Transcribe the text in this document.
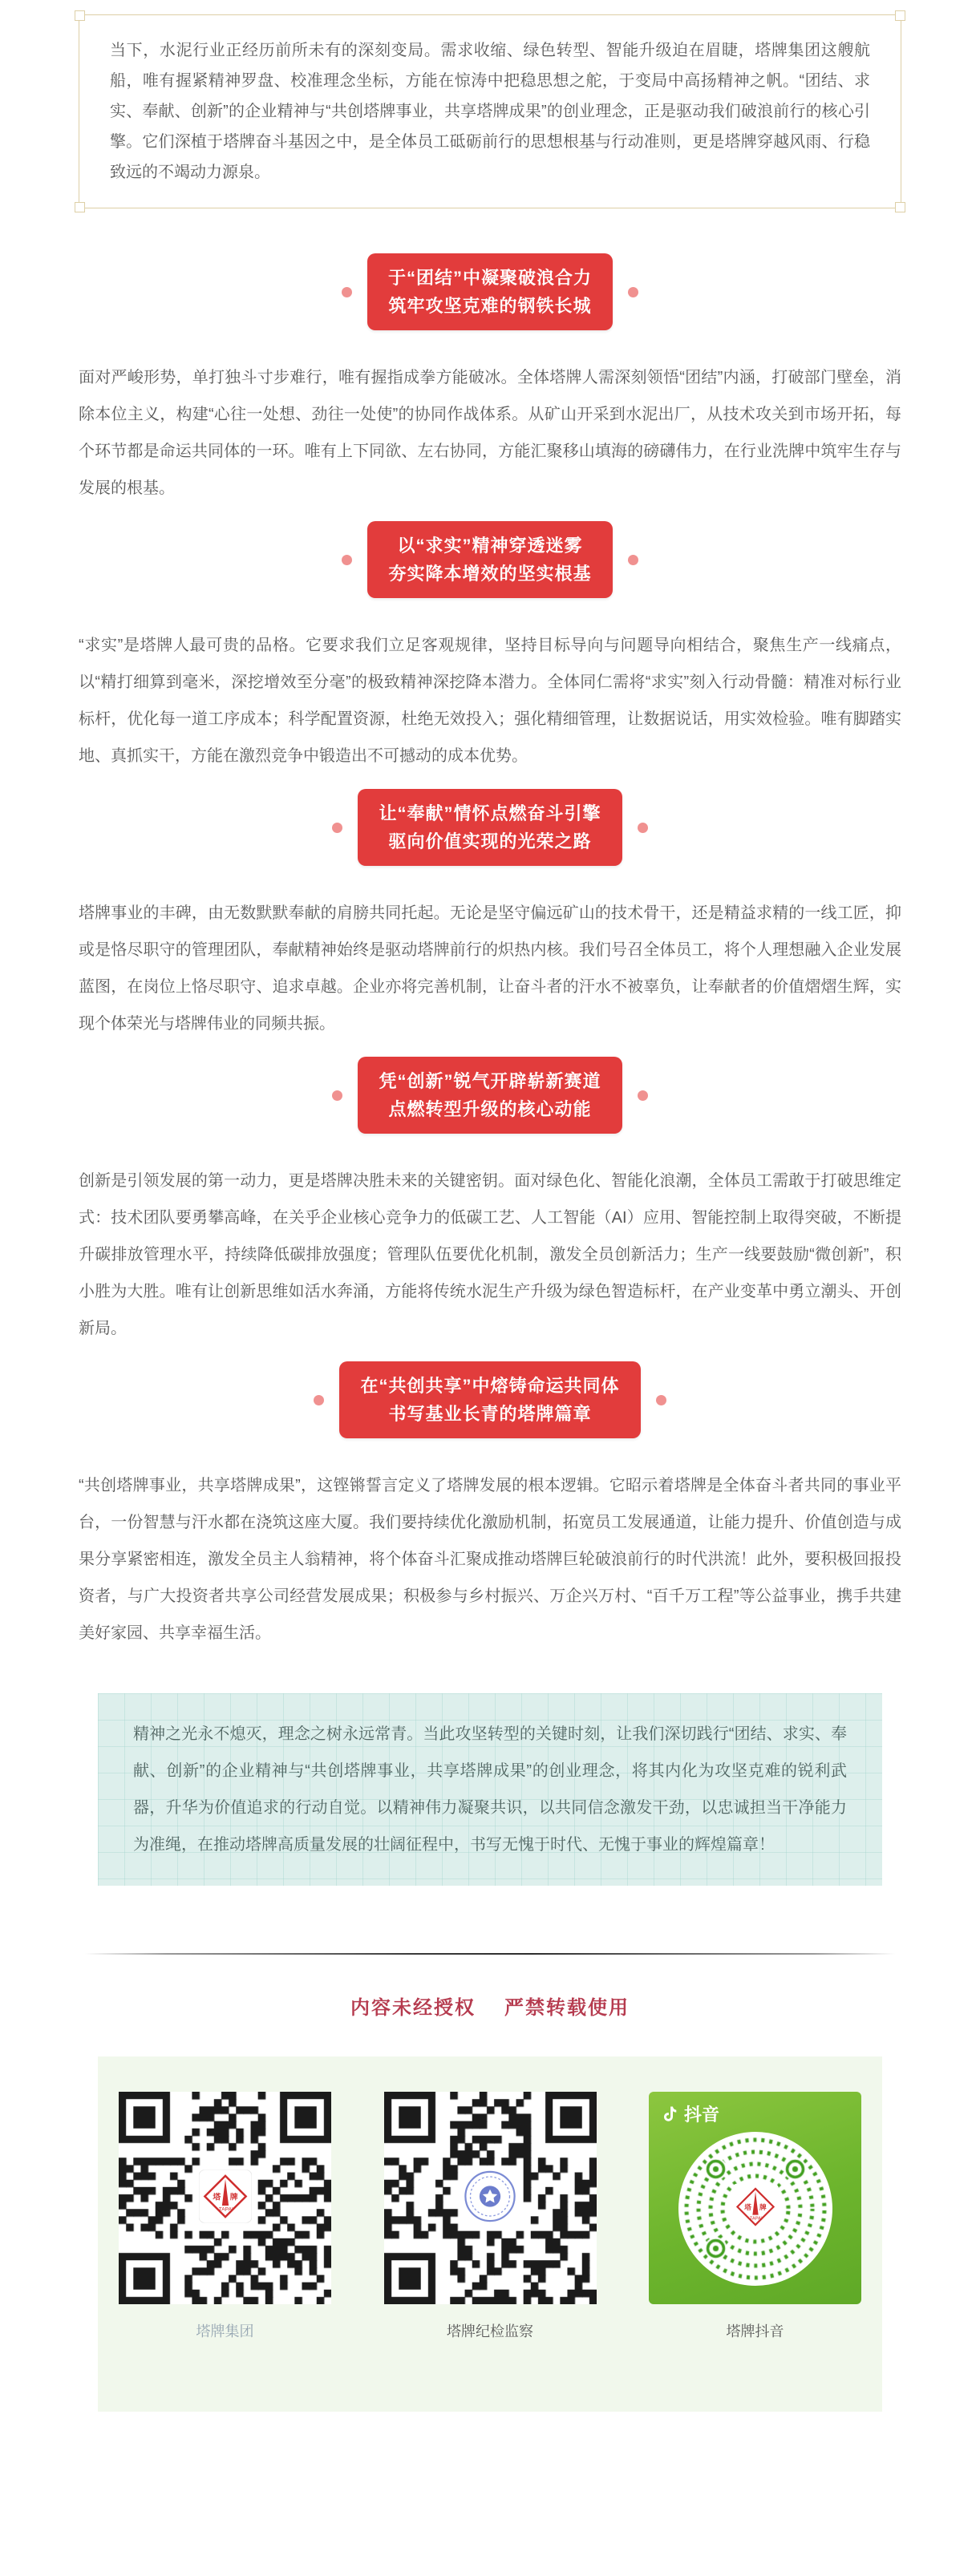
当下，水泥行业正经历前所未有的深刻变局。需求收缩、绿色转型、智能升级迫在眉睫，塔牌集团这艘航船，唯有握紧精神罗盘、校准理念坐标，方能在惊涛中把稳思想之舵，于变局中高扬精神之帆。“团结、求实、奉献、创新”的企业精神与“共创塔牌事业，共享塔牌成果”的创业理念，正是驱动我们破浪前行的核心引擎。它们深植于塔牌奋斗基因之中，是全体员工砥砺前行的思想根基与行动准则，更是塔牌穿越风雨、行稳致远的不竭动力源泉。

于“团结”中凝聚破浪合力
筑牢攻坚克难的钢铁长城

面对严峻形势，单打独斗寸步难行，唯有握指成拳方能破冰。全体塔牌人需深刻领悟“团结”内涵，打破部门壁垒，消除本位主义，构建“心往一处想、劲往一处使”的协同作战体系。从矿山开采到水泥出厂，从技术攻关到市场开拓，每个环节都是命运共同体的一环。唯有上下同欲、左右协同，方能汇聚移山填海的磅礴伟力，在行业洗牌中筑牢生存与发展的根基。

以“求实”精神穿透迷雾
夯实降本增效的坚实根基

“求实”是塔牌人最可贵的品格。它要求我们立足客观规律，坚持目标导向与问题导向相结合，聚焦生产一线痛点，以“精打细算到毫米，深挖增效至分毫”的极致精神深挖降本潜力。全体同仁需将“求实”刻入行动骨髓：精准对标行业标杆，优化每一道工序成本；科学配置资源，杜绝无效投入；强化精细管理，让数据说话，用实效检验。唯有脚踏实地、真抓实干，方能在激烈竞争中锻造出不可撼动的成本优势。

让“奉献”情怀点燃奋斗引擎
驱向价值实现的光荣之路

塔牌事业的丰碑，由无数默默奉献的肩膀共同托起。无论是坚守偏远矿山的技术骨干，还是精益求精的一线工匠，抑或是恪尽职守的管理团队，奉献精神始终是驱动塔牌前行的炽热内核。我们号召全体员工，将个人理想融入企业发展蓝图，在岗位上恪尽职守、追求卓越。企业亦将完善机制，让奋斗者的汗水不被辜负，让奉献者的价值熠熠生辉，实现个体荣光与塔牌伟业的同频共振。

凭“创新”锐气开辟崭新赛道
点燃转型升级的核心动能

创新是引领发展的第一动力，更是塔牌决胜未来的关键密钥。面对绿色化、智能化浪潮，全体员工需敢于打破思维定式：技术团队要勇攀高峰，在关乎企业核心竞争力的低碳工艺、人工智能（AI）应用、智能控制上取得突破，不断提升碳排放管理水平，持续降低碳排放强度；管理队伍要优化机制，激发全员创新活力；生产一线要鼓励“微创新”，积小胜为大胜。唯有让创新思维如活水奔涌，方能将传统水泥生产升级为绿色智造标杆，在产业变革中勇立潮头、开创新局。

在“共创共享”中熔铸命运共同体
书写基业长青的塔牌篇章

“共创塔牌事业，共享塔牌成果”，这铿锵誓言定义了塔牌发展的根本逻辑。它昭示着塔牌是全体奋斗者共同的事业平台，一份智慧与汗水都在浇筑这座大厦。我们要持续优化激励机制，拓宽员工发展通道，让能力提升、价值创造与成果分享紧密相连，激发全员主人翁精神，将个体奋斗汇聚成推动塔牌巨轮破浪前行的时代洪流！此外，要积极回报投资者，与广大投资者共享公司经营发展成果；积极参与乡村振兴、万企兴万村、“百千万工程”等公益事业，携手共建美好家园、共享幸福生活。

精神之光永不熄灭，理念之树永远常青。当此攻坚转型的关键时刻，让我们深切践行“团结、求实、奉献、创新”的企业精神与“共创塔牌事业，共享塔牌成果”的创业理念，将其内化为攻坚克难的锐利武器，升华为价值追求的行动自觉。以精神伟力凝聚共识，以共同信念激发干劲，以忠诚担当干净能力为准绳，在推动塔牌高质量发展的壮阔征程中，书写无愧于时代、无愧于事业的辉煌篇章！

内容未经授权 严禁转载使用
塔 牌
TAPAI
塔牌集团	塔牌纪检监察
抖音
塔 牌
TAPAI
塔牌抖音
